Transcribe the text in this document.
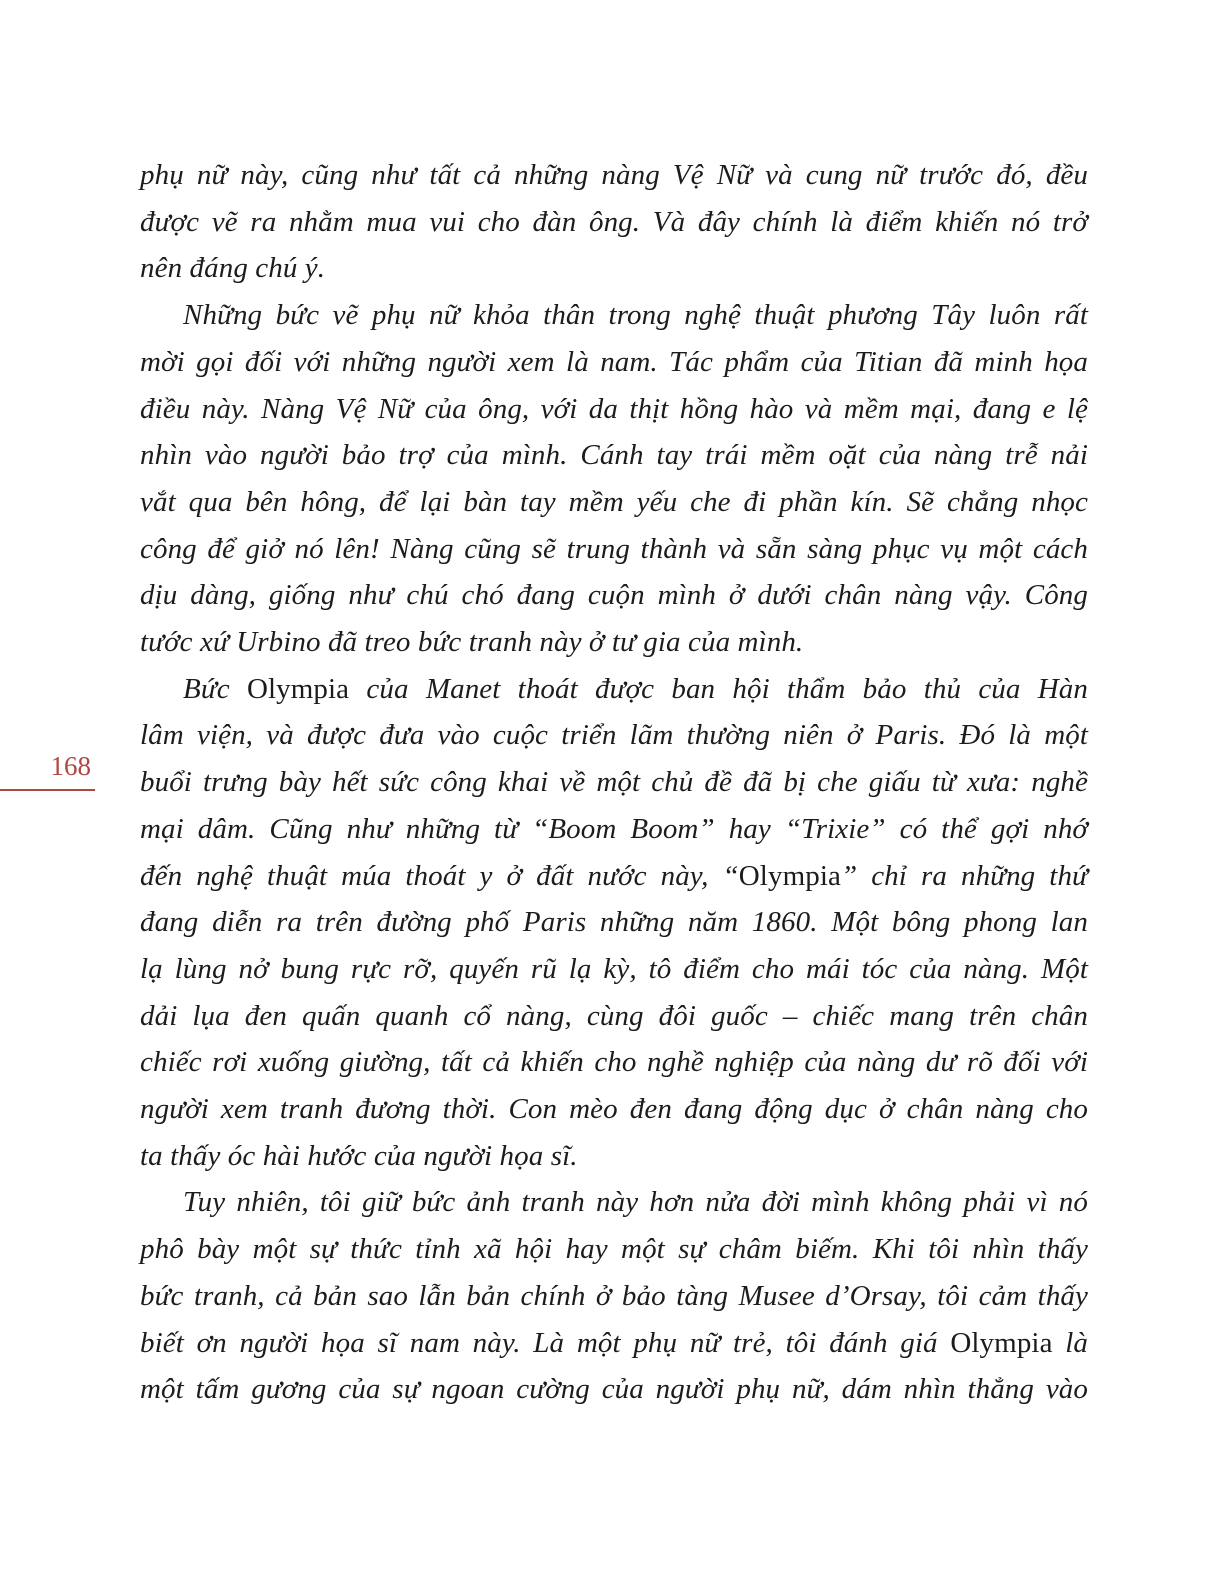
168
phụ nữ này, cũng như tất cả những nàng Vệ Nữ và cung nữ trước đó, đều
được vẽ ra nhằm mua vui cho đàn ông. Và đây chính là điểm khiến nó trở
nên đáng chú ý.
Những bức vẽ phụ nữ khỏa thân trong nghệ thuật phương Tây luôn rất
mời gọi đối với những người xem là nam. Tác phẩm của Titian đã minh họa
điều này. Nàng Vệ Nữ của ông, với da thịt hồng hào và mềm mại, đang e lệ
nhìn vào người bảo trợ của mình. Cánh tay trái mềm oặt của nàng trễ nải
vắt qua bên hông, để lại bàn tay mềm yếu che đi phần kín. Sẽ chẳng nhọc
công để giở nó lên! Nàng cũng sẽ trung thành và sẵn sàng phục vụ một cách
dịu dàng, giống như chú chó đang cuộn mình ở dưới chân nàng vậy. Công
tước xứ Urbino đã treo bức tranh này ở tư gia của mình.
Bức Olympia của Manet thoát được ban hội thẩm bảo thủ của Hàn
lâm viện, và được đưa vào cuộc triển lãm thường niên ở Paris. Đó là một
buổi trưng bày hết sức công khai về một chủ đề đã bị che giấu từ xưa: nghề
mại dâm. Cũng như những từ “Boom Boom” hay “Trixie” có thể gợi nhớ
đến nghệ thuật múa thoát y ở đất nước này, “Olympia” chỉ ra những thứ
đang diễn ra trên đường phố Paris những năm 1860. Một bông phong lan
lạ lùng nở bung rực rỡ, quyến rũ lạ kỳ, tô điểm cho mái tóc của nàng. Một
dải lụa đen quấn quanh cổ nàng, cùng đôi guốc – chiếc mang trên chân
chiếc rơi xuống giường, tất cả khiến cho nghề nghiệp của nàng dư rõ đối với
người xem tranh đương thời. Con mèo đen đang động dục ở chân nàng cho
ta thấy óc hài hước của người họa sĩ.
Tuy nhiên, tôi giữ bức ảnh tranh này hơn nửa đời mình không phải vì nó
phô bày một sự thức tỉnh xã hội hay một sự châm biếm. Khi tôi nhìn thấy
bức tranh, cả bản sao lẫn bản chính ở bảo tàng Musee d’Orsay, tôi cảm thấy
biết ơn người họa sĩ nam này. Là một phụ nữ trẻ, tôi đánh giá Olympia là
một tấm gương của sự ngoan cường của người phụ nữ, dám nhìn thẳng vào
